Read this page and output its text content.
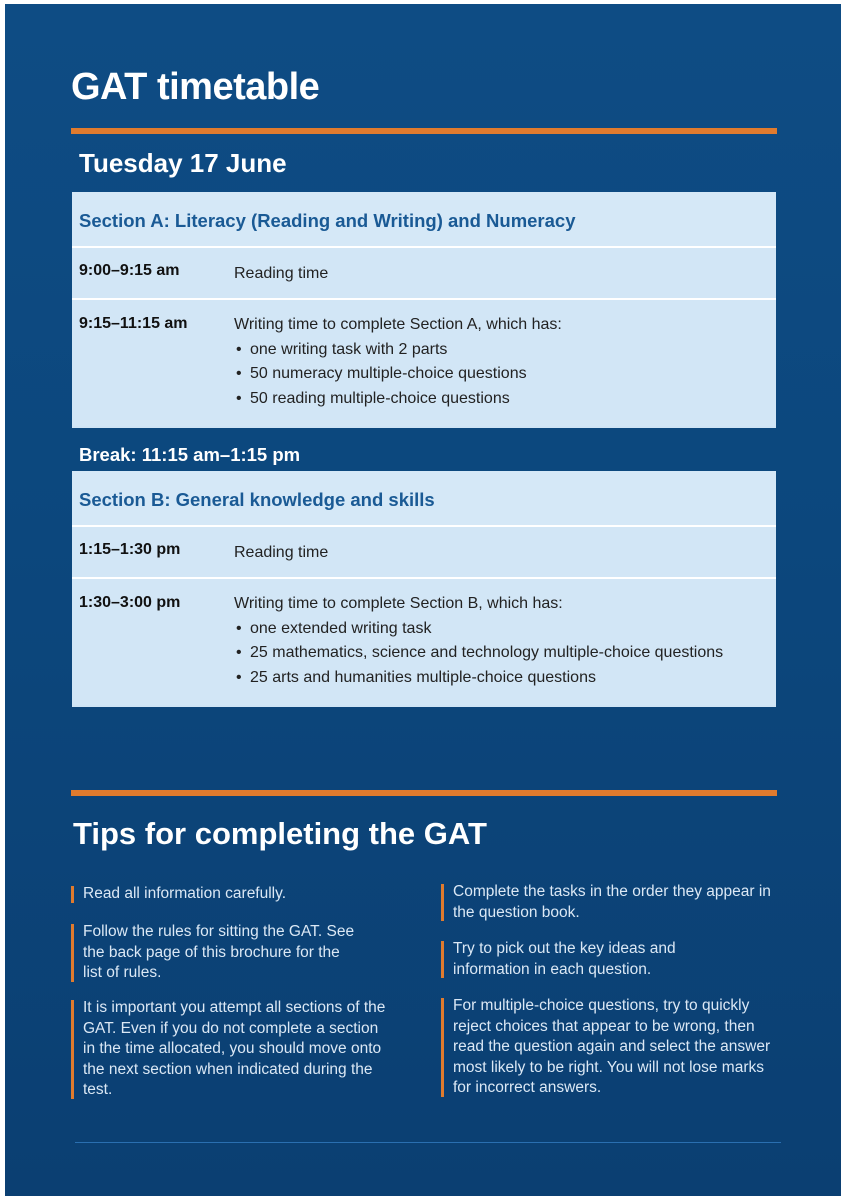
GAT timetable
Tuesday 17 June
Section A: Literacy (Reading and Writing) and Numeracy
9:00–9:15 am	Reading time
9:15–11:15 am	Writing time to complete Section A, which has:
• one writing task with 2 parts
• 50 numeracy multiple-choice questions
• 50 reading multiple-choice questions
Break: 11:15 am–1:15 pm
Section B: General knowledge and skills
1:15–1:30 pm	Reading time
1:30–3:00 pm	Writing time to complete Section B, which has:
• one extended writing task
• 25 mathematics, science and technology multiple-choice questions
• 25 arts and humanities multiple-choice questions
Tips for completing the GAT
Read all information carefully.
Follow the rules for sitting the GAT. See the back page of this brochure for the list of rules.
It is important you attempt all sections of the GAT. Even if you do not complete a section in the time allocated, you should move onto the next section when indicated during the test.
Complete the tasks in the order they appear in the question book.
Try to pick out the key ideas and information in each question.
For multiple-choice questions, try to quickly reject choices that appear to be wrong, then read the question again and select the answer most likely to be right. You will not lose marks for incorrect answers.
